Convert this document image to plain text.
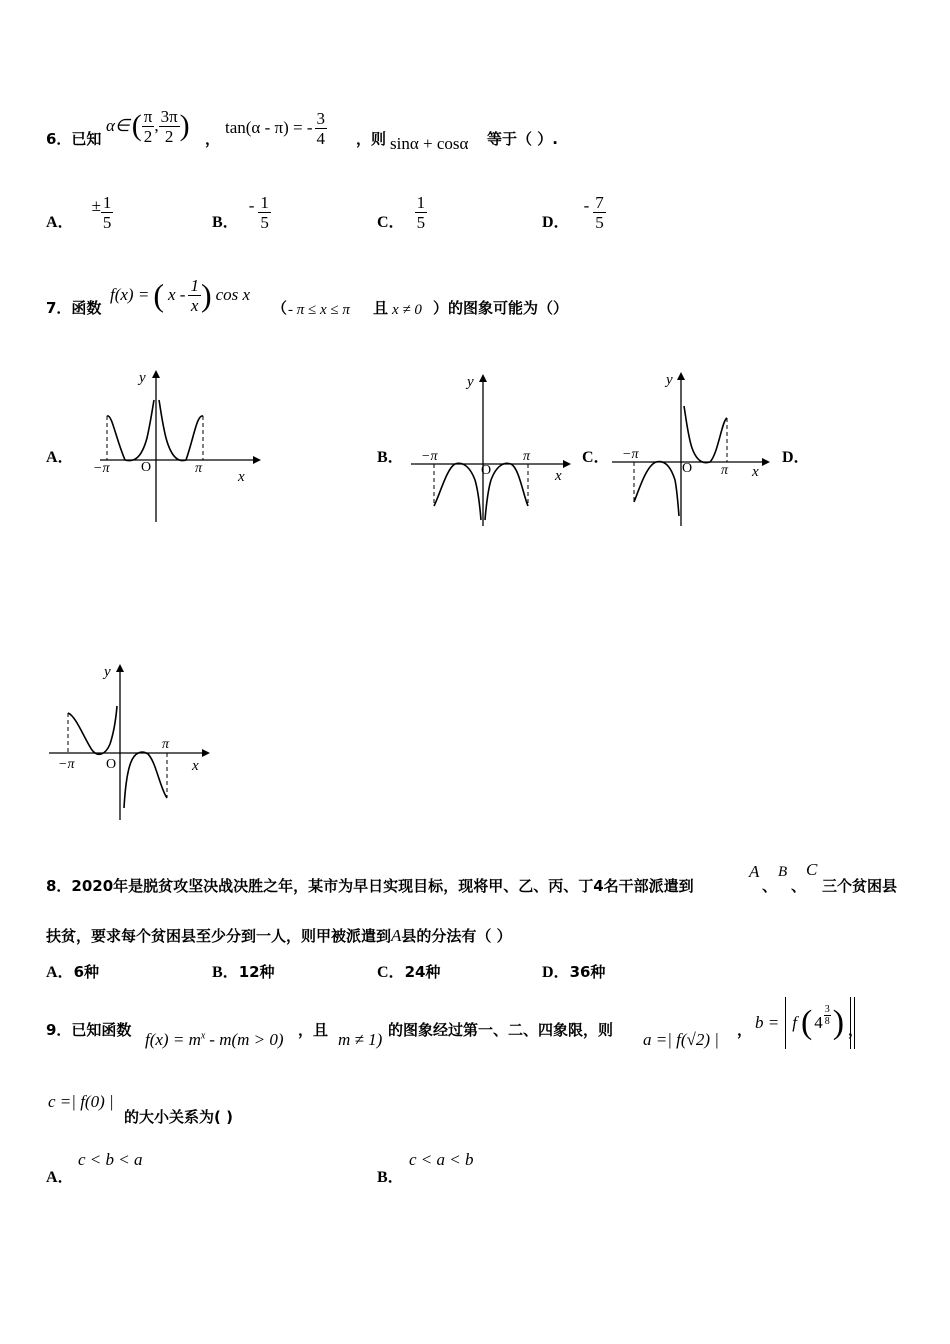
6．已知
α∈ ( $\frac{\pi}{2}$ , $\frac{3\pi}{2}$ ) ，
tan(α - π) = - $\frac{3}{4}$ ，则 sinα + cosα 等于（ ）.
A．
± $\frac{1}{5}$	B．
- $\frac{1}{5}$	C． $\frac{1}{5}$	D．
- $\frac{7}{5}$
7．函数
f(x) = ( x - $\frac{1}{x}$ ) cos x
（ - π ≤ x ≤ π 且 x ≠ 0 ）的图象可能为（）
A．	B．	C．	D．
−π	π
O
y
x
−π	π
O
y
x
−π
π
O
y
x
−π
π
O
y
x
8．2020年是脱贫攻坚决战决胜之年，某市为早日实现目标，现将甲、乙、丙、丁4名干部派遣到
A
、
B
、
C
三个贫困县
扶贫，要求每个贫困县至少分到一人，则甲被派遣到A县的分法有（ ）
A．6种	B．12种	C．24种	D．36种
9．已知函数 $f(x) = m^x - m(m > 0)$ ，且 m ≠ 1) 的图象经过第一、二、四象限，则 a =| f(√2) | ， b = f ( $4 \frac{3}{8}$ ) ，
c =| f(0) |
的大小关系为( )
A．
c < b < a
B．
c < a < b
